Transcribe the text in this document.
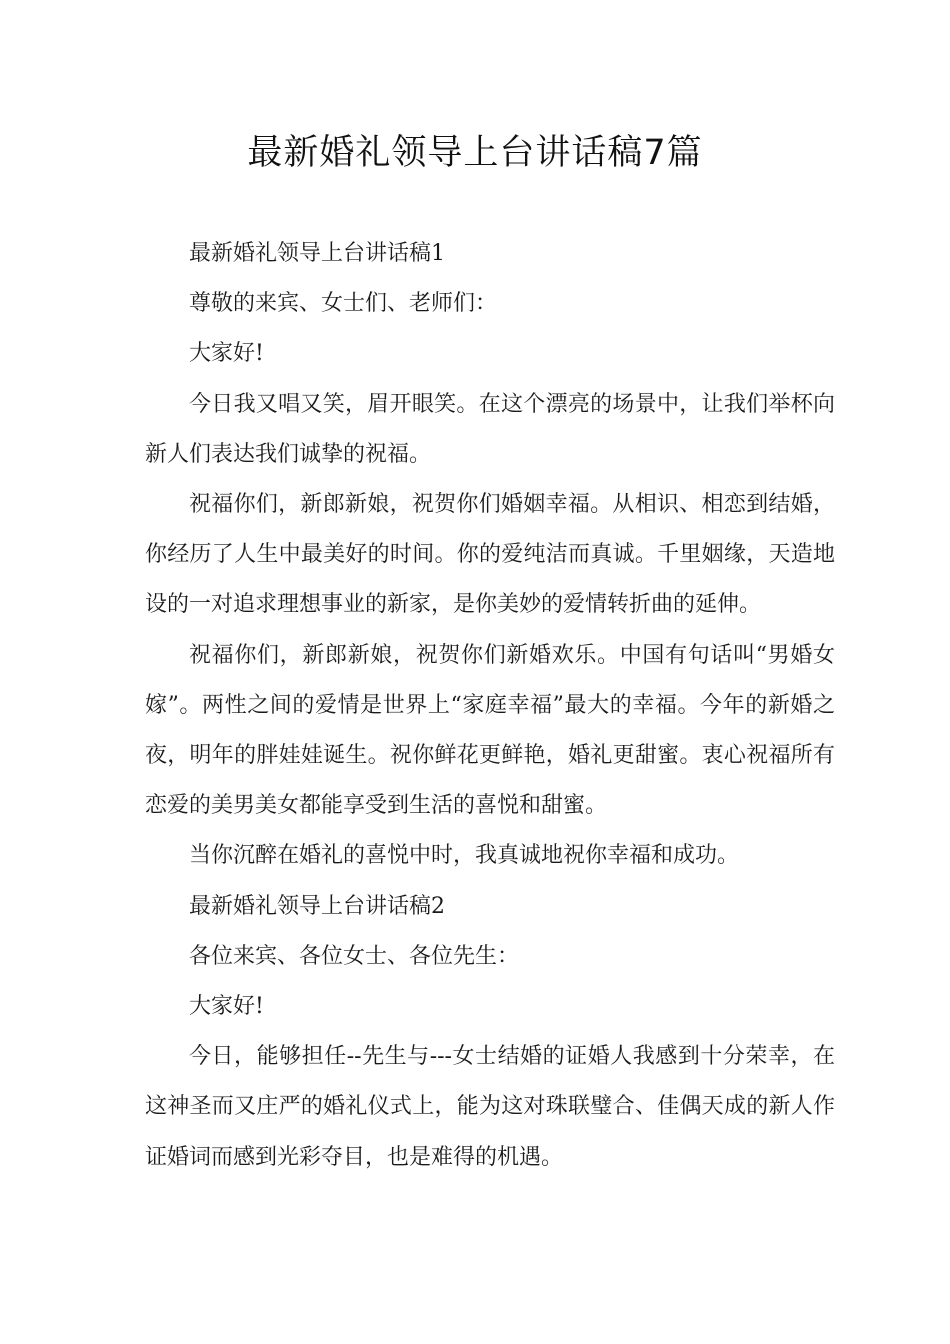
最新婚礼领导上台讲话稿7篇

最新婚礼领导上台讲话稿1

尊敬的来宾、女士们、老师们：

大家好!

今日我又唱又笑，眉开眼笑。在这个漂亮的场景中，让我们举杯向新人们表达我们诚挚的祝福。

祝福你们，新郎新娘，祝贺你们婚姻幸福。从相识、相恋到结婚，你经历了人生中最美好的时间。你的爱纯洁而真诚。千里姻缘，天造地设的一对追求理想事业的新家，是你美妙的爱情转折曲的延伸。

祝福你们，新郎新娘，祝贺你们新婚欢乐。中国有句话叫“男婚女嫁”。两性之间的爱情是世界上“家庭幸福”最大的幸福。今年的新婚之夜，明年的胖娃娃诞生。祝你鲜花更鲜艳，婚礼更甜蜜。衷心祝福所有恋爱的美男美女都能享受到生活的喜悦和甜蜜。

当你沉醉在婚礼的喜悦中时，我真诚地祝你幸福和成功。

最新婚礼领导上台讲话稿2

各位来宾、各位女士、各位先生：

大家好!

今日，能够担任--先生与---女士结婚的证婚人我感到十分荣幸，在这神圣而又庄严的婚礼仪式上，能为这对珠联璧合、佳偶天成的新人作证婚词而感到光彩夺目，也是难得的机遇。
